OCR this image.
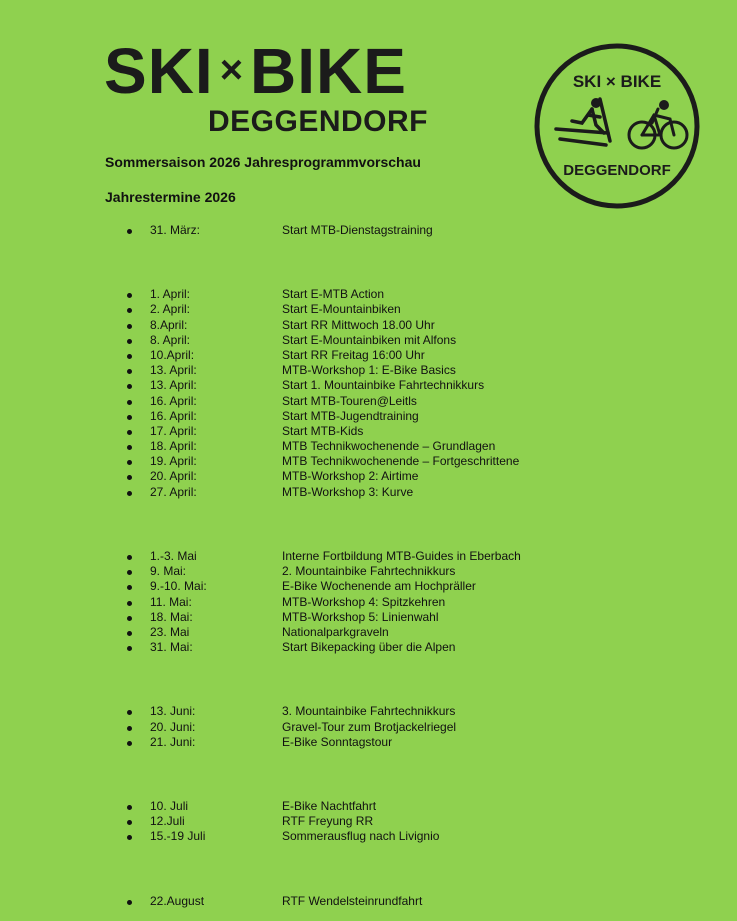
SKI ×BIKE
DEGGENDORF
SKI × BIKE
DEGGENDORF
Sommersaison 2026 Jahresprogrammvorschau
Jahrestermine 2026
31. März:	Start MTB-Dienstagstraining
1. April:	Start E-MTB Action
2. April:	Start E-Mountainbiken
8.April:	Start RR Mittwoch 18.00 Uhr
8. April:	Start E-Mountainbiken mit Alfons
10.April:	Start RR Freitag 16:00 Uhr
13. April:	MTB-Workshop 1: E-Bike Basics
13. April:	Start 1. Mountainbike Fahrtechnikkurs
16. April:	Start MTB-Touren@Leitls
16. April:	Start MTB-Jugendtraining
17. April:	Start MTB-Kids
18. April:	MTB Technikwochenende – Grundlagen
19. April:	MTB Technikwochenende – Fortgeschrittene
20. April:	MTB-Workshop 2: Airtime
27. April:	MTB-Workshop 3: Kurve
1.-3. Mai	Interne Fortbildung MTB-Guides in Eberbach
9. Mai:	2. Mountainbike Fahrtechnikkurs
9.-10. Mai:	E-Bike Wochenende am Hochpräller
11. Mai:	MTB-Workshop 4: Spitzkehren
18. Mai:	MTB-Workshop 5: Linienwahl
23. Mai	Nationalparkgraveln
31. Mai:	Start Bikepacking über die Alpen
13. Juni:	3. Mountainbike Fahrtechnikkurs
20. Juni:	Gravel-Tour zum Brotjackelriegel
21. Juni:	E-Bike Sonntagstour
10. Juli	E-Bike Nachtfahrt
12.Juli	RTF Freyung RR
15.-19 Juli	Sommerausflug nach Livignio
22.August	RTF Wendelsteinrundfahrt
